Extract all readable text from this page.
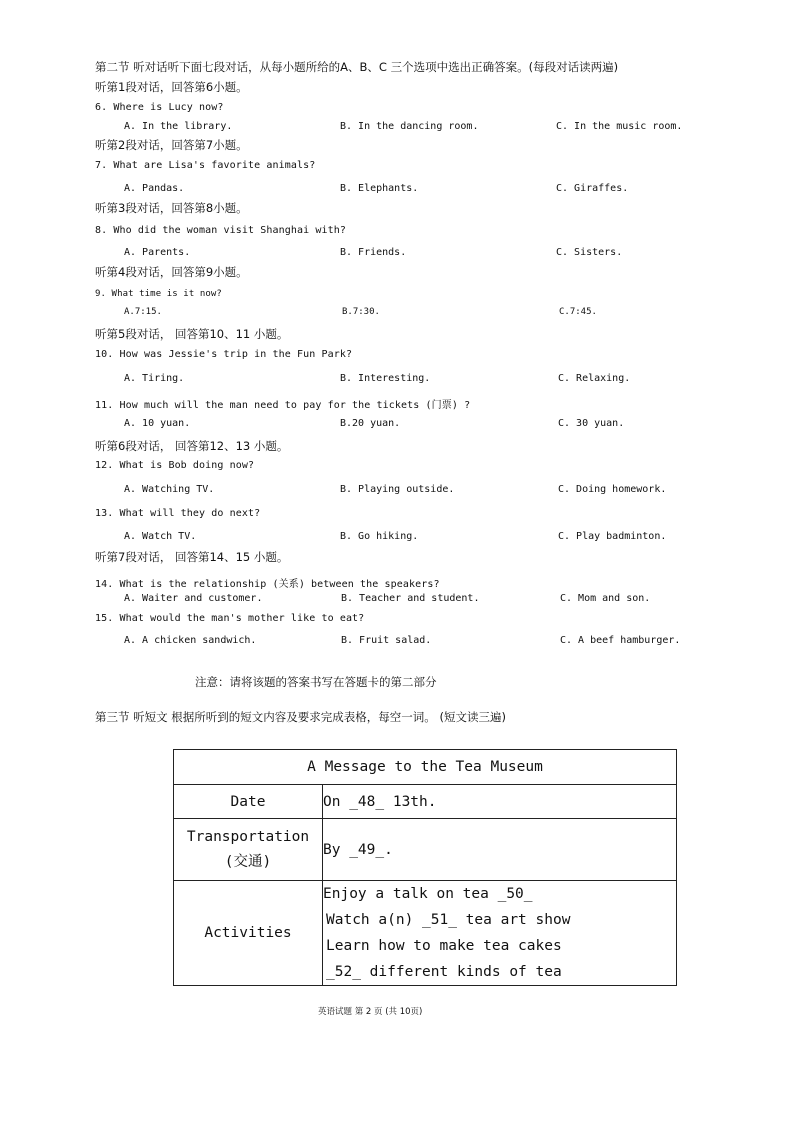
第二节 听对话听下面七段对话，从每小题所给的A、B、C 三个选项中选出正确答案。(每段对话读两遍)
听第1段对话，回答第6小题。
6. Where is Lucy now?
A. In the library.	B. In the dancing room.	C. In the music room.
听第2段对话，回答第7小题。
7. What are Lisa's favorite animals?
A. Pandas.	B. Elephants.	C. Giraffes.
听第3段对话，回答第8小题。
8. Who did the woman visit Shanghai with?
A. Parents.	B. Friends.	C. Sisters.
听第4段对话，回答第9小题。
9. What time is it now?
A.7:15.	B.7:30.	C.7:45.
听第5段对话， 回答第10、11 小题。
10. How was Jessie's trip in the Fun Park?
A. Tiring.	B. Interesting.	C. Relaxing.
11. How much will the man need to pay for the tickets (门票) ?
A. 10 yuan.	B.20 yuan.	C. 30 yuan.
听第6段对话， 回答第12、13 小题。
12. What is Bob doing now?
A. Watching TV.	B. Playing outside.	C. Doing homework.
13. What will they do next?
A. Watch TV.	B. Go hiking.	C. Play badminton.
听第7段对话， 回答第14、15 小题。
14. What is the relationship (关系) between the speakers?
A. Waiter and customer.	B. Teacher and student.	C. Mom and son.
15. What would the man's mother like to eat?
A. A chicken sandwich.	B. Fruit salad.	C. A beef hamburger.
注意：请将该题的答案书写在答题卡的第二部分
第三节 听短文 根据所听到的短文内容及要求完成表格，每空一词。 (短文读三遍)
A Message to the Tea Museum	
Date	On _48_ 13th.

Transportation
(交通)	By _49_.
Activities	Enjoy a talk on tea _50_
Watch a(n) _51_ tea art show
Learn how to make tea cakes
_52_ different kinds of tea
英语试题 第 2 页 (共 10页)
